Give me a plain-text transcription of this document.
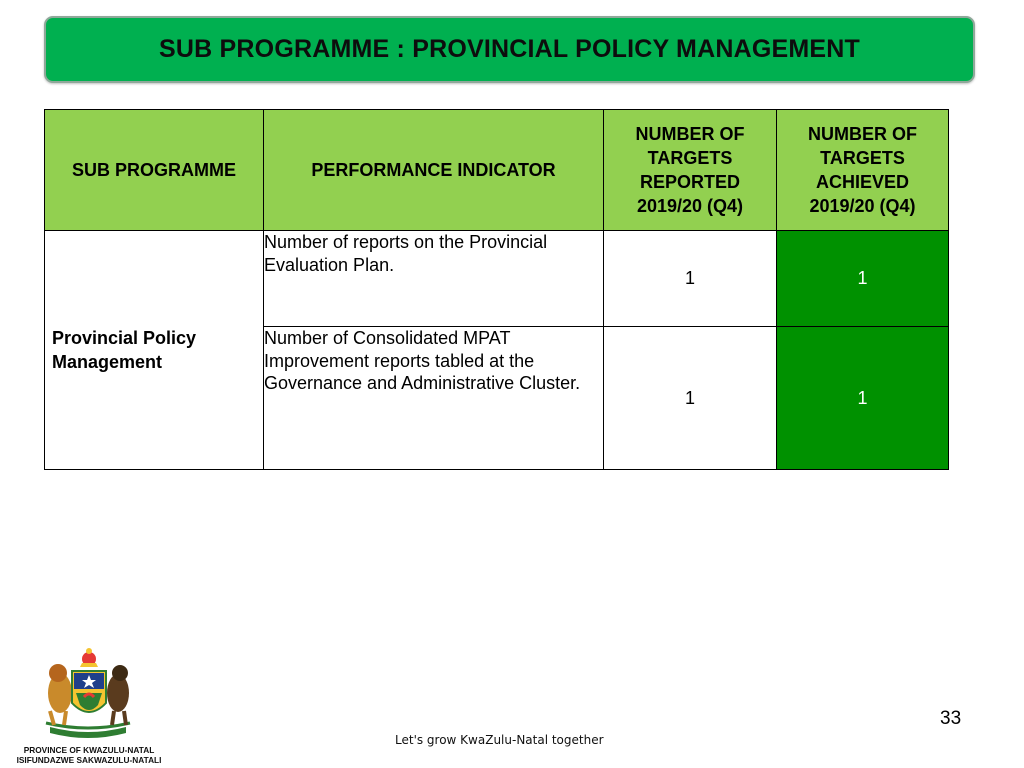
SUB PROGRAMME : PROVINCIAL POLICY MANAGEMENT
SUB PROGRAMME	PERFORMANCE INDICATOR	NUMBER OF TARGETS REPORTED 2019/20 (Q4)	NUMBER OF TARGETS ACHIEVED 2019/20 (Q4)
Provincial Policy Management	Number of reports on the Provincial Evaluation Plan.	1	1
	Number of Consolidated MPAT Improvement reports tabled at the Governance and Administrative Cluster.	1	1
PROVINCE OF KWAZULU-NATAL
ISIFUNDAZWE SAKWAZULU-NATALI
Let's grow KwaZulu-Natal together
33
